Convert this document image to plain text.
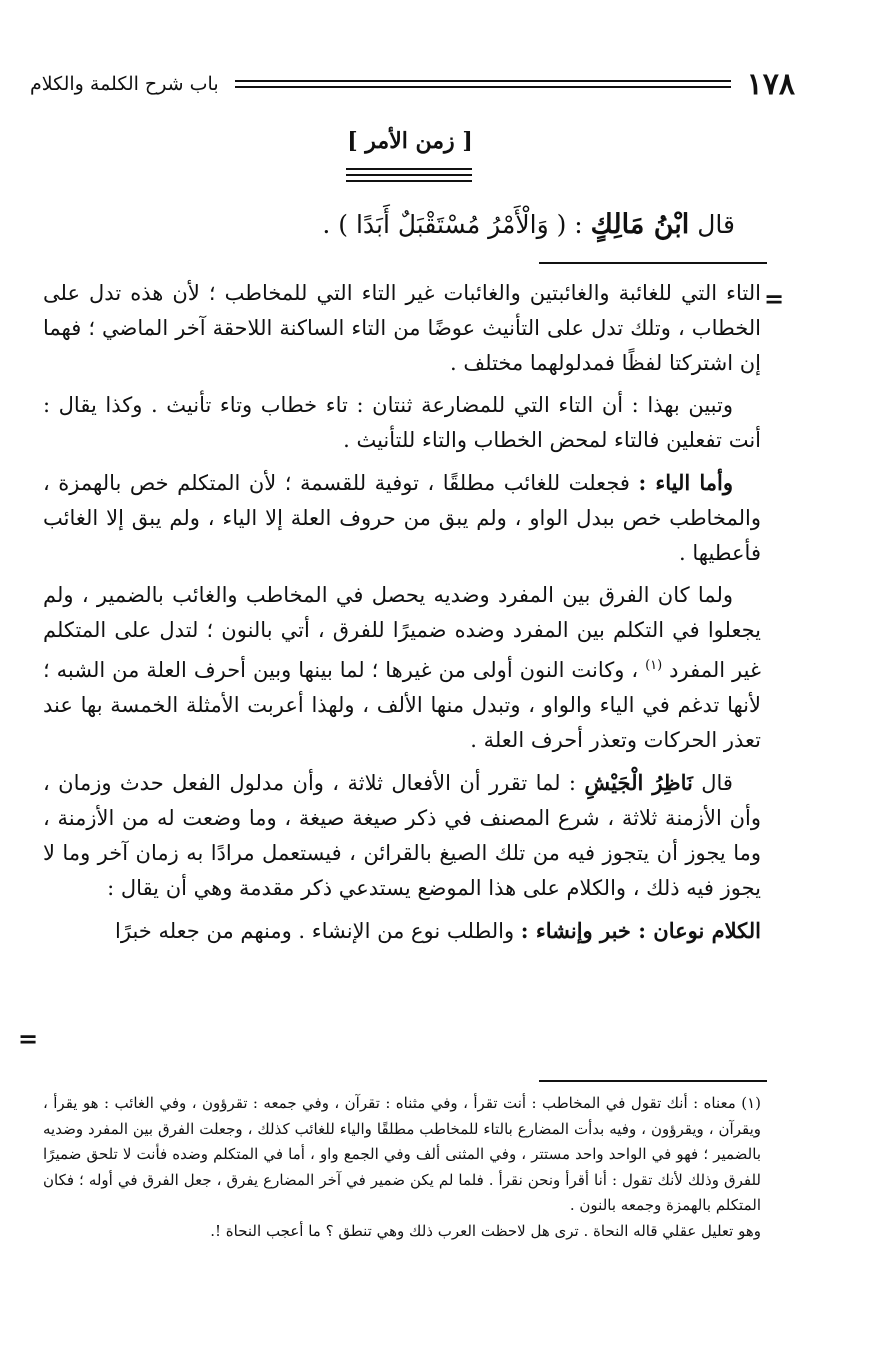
١٧٨
باب شرح الكلمة والكلام
[ زمن الأمر ]
قال ابْنُ مَالِكٍ : ( وَالْأَمْرُ مُسْتَقْبَلٌ أَبَدًا ) .
=

التاء التي للغائبة والغائبتين والغائبات غير التاء التي للمخاطب ؛ لأن هذه تدل على الخطاب ، وتلك تدل على التأنيث عوضًا من التاء الساكنة اللاحقة آخر الماضي ؛ فهما إن اشتركتا لفظًا فمدلولهما مختلف .

وتبين بهذا : أن التاء التي للمضارعة ثنتان : تاء خطاب وتاء تأنيث . وكذا يقال : أنت تفعلين فالتاء لمحض الخطاب والتاء للتأنيث .

وأما الياء : فجعلت للغائب مطلقًا ، توفية للقسمة ؛ لأن المتكلم خص بالهمزة ، والمخاطب خص ببدل الواو ، ولم يبق من حروف العلة إلا الياء ، ولم يبق إلا الغائب فأعطيها .

ولما كان الفرق بين المفرد وضديه يحصل في المخاطب والغائب بالضمير ، ولم يجعلوا في التكلم بين المفرد وضده ضميرًا للفرق ، أتي بالنون ؛ لتدل على المتكلم غير المفرد $^{(١)}$ ، وكانت النون أولى من غيرها ؛ لما بينها وبين أحرف العلة من الشبه ؛ لأنها تدغم في الياء والواو ، وتبدل منها الألف ، ولهذا أعربت الأمثلة الخمسة بها عند تعذر الحركات وتعذر أحرف العلة .

قال نَاظِرُ الْجَيْشِ : لما تقرر أن الأفعال ثلاثة ، وأن مدلول الفعل حدث وزمان ، وأن الأزمنة ثلاثة ، شرع المصنف في ذكر صيغة صيغة ، وما وضعت له من الأزمنة ، وما يجوز أن يتجوز فيه من تلك الصيغ بالقرائن ، فيستعمل مرادًا به زمان آخر وما لا يجوز فيه ذلك ، والكلام على هذا الموضع يستدعي ذكر مقدمة وهي أن يقال :

الكلام نوعان : خبر وإنشاء : والطلب نوع من الإنشاء . ومنهم من جعله خبرًا

=

(١) معناه : أنك تقول في المخاطب : أنت تقرأ ، وفي مثناه : تقرآن ، وفي جمعه : تقرؤون ، وفي الغائب : هو يقرأ ، ويقرآن ، ويقرؤون ، وفيه بدأت المضارع بالتاء للمخاطب مطلقًا والياء للغائب كذلك ، وجعلت الفرق بين المفرد وضديه بالضمير ؛ فهو في الواحد واحد مستتر ، وفي المثنى ألف وفي الجمع واو ، أما في المتكلم وضده فأنت لا تلحق ضميرًا للفرق وذلك لأنك تقول : أنا أقرأ ونحن نقرأ . فلما لم يكن ضمير في آخر المضارع يفرق ، جعل الفرق في أوله ؛ فكان المتكلم بالهمزة وجمعه بالنون .

وهو تعليل عقلي قاله النحاة . ترى هل لاحظت العرب ذلك وهي تنطق ؟ ما أعجب النحاة !.
